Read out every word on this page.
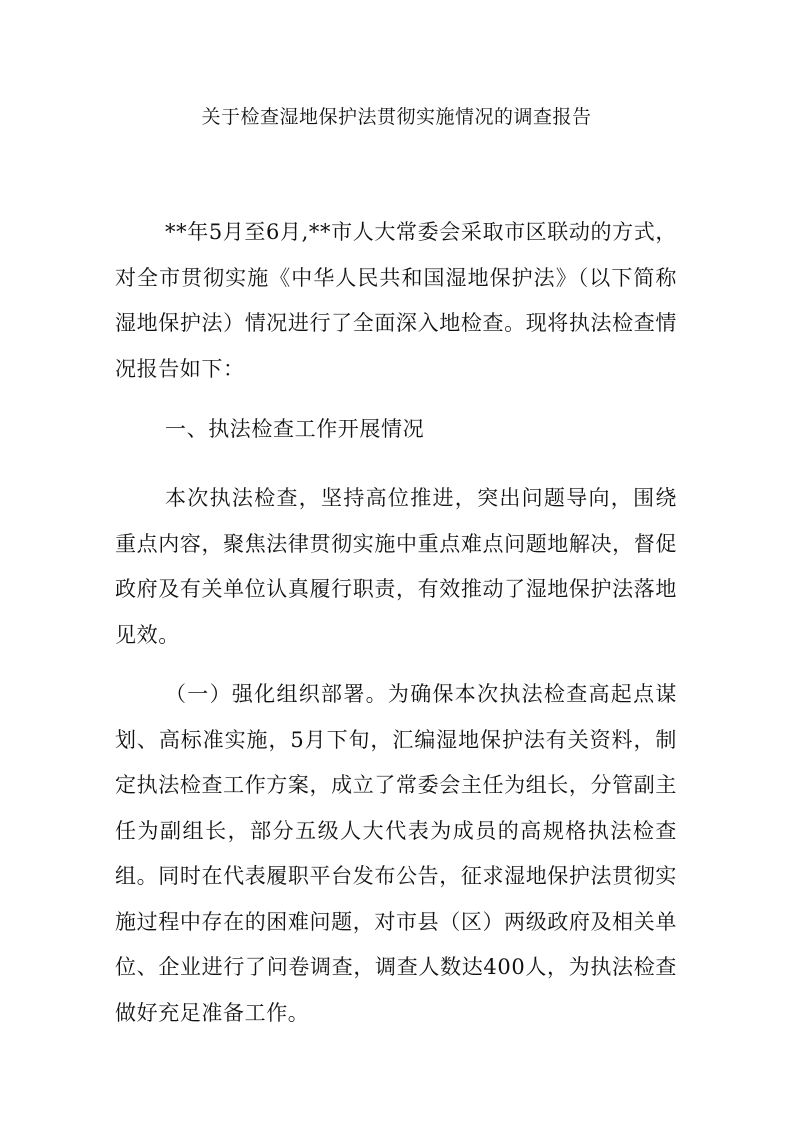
关于检查湿地保护法贯彻实施情况的调查报告
**年5月至6月,**市人大常委会采取市区联动的方式，对全市贯彻实施《中华人民共和国湿地保护法》（以下简称湿地保护法）情况进行了全面深入地检查。现将执法检查情况报告如下：
一、执法检查工作开展情况
本次执法检查，坚持高位推进，突出问题导向，围绕重点内容，聚焦法律贯彻实施中重点难点问题地解决，督促政府及有关单位认真履行职责，有效推动了湿地保护法落地见效。
（一）强化组织部署。为确保本次执法检查高起点谋划、高标准实施，5月下旬，汇编湿地保护法有关资料，制定执法检查工作方案，成立了常委会主任为组长，分管副主任为副组长，部分五级人大代表为成员的高规格执法检查组。同时在代表履职平台发布公告，征求湿地保护法贯彻实施过程中存在的困难问题，对市县（区）两级政府及相关单位、企业进行了问卷调查，调查人数达400人，为执法检查做好充足准备工作。
